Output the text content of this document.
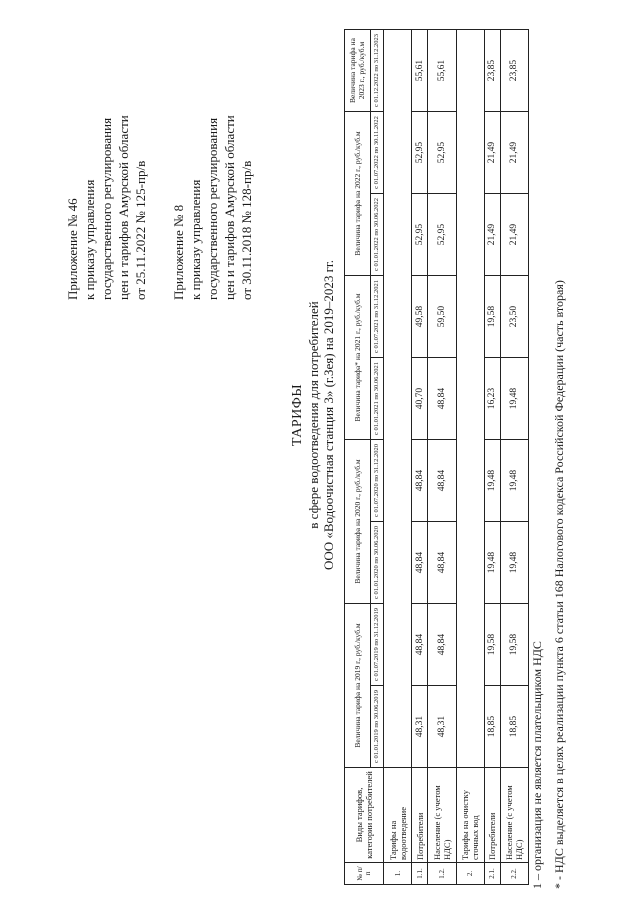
Приложение № 46 к приказу управления государственного регулирования цен и тарифов Амурской области от 25.11.2022 № 125-пр/в Приложение № 8 к приказу управления государственного регулирования цен и тарифов Амурской области от 30.11.2018 № 128-пр/в
ТАРИФЫ в сфере водоотведения для потребителей ООО «Водоочистная станция 3» (г.Зея) на 2019–2023 гг.
№ п/п	Виды тарифов, категории потребителей	Величина тарифа на 2019 г., руб./куб.м		Величина тарифа на 2020 г., руб./куб.м		Величина тарифа* на 2021 г., руб./куб.м		Величина тарифа на 2022 г., руб./куб.м		Величина тарифа на 2023 г., руб./куб.м
		с 01.01.2019 по 30.06.2019	с 01.07.2019 по 31.12.2019	с 01.01.2020 по 30.06.2020	с 01.07.2020 по 31.12.2020	с 01.01.2021 по 30.06.2021	с 01.07.2021 по 31.12.2021	с 01.01.2022 по 30.06.2022	с 01.07.2022 по 30.11.2022	с 01.12.2022 по 31.12.2023
1.	Тарифы на водоотведение									
1.1.	Потребители	48,31	48,84	48,84	48,84	40,70	49,58	52,95	52,95	55,61
1.2.	Население (с учетом НДС)	48,31	48,84	48,84	48,84	48,84	59,50	52,95	52,95	55,61
2.	Тарифы на очистку сточных вод									
2.1.	Потребители	18,85	19,58	19,48	19,48	16,23	19,58	21,49	21,49	23,85
2.2.	Население (с учетом НДС)	18,85	19,58	19,48	19,48	19,48	23,50	21,49	21,49	23,85
1 – организация не является плательщиком НДС * - НДС выделяется в целях реализации пункта 6 статьи 168 Налогового кодекса Российской Федерации (часть вторая)
